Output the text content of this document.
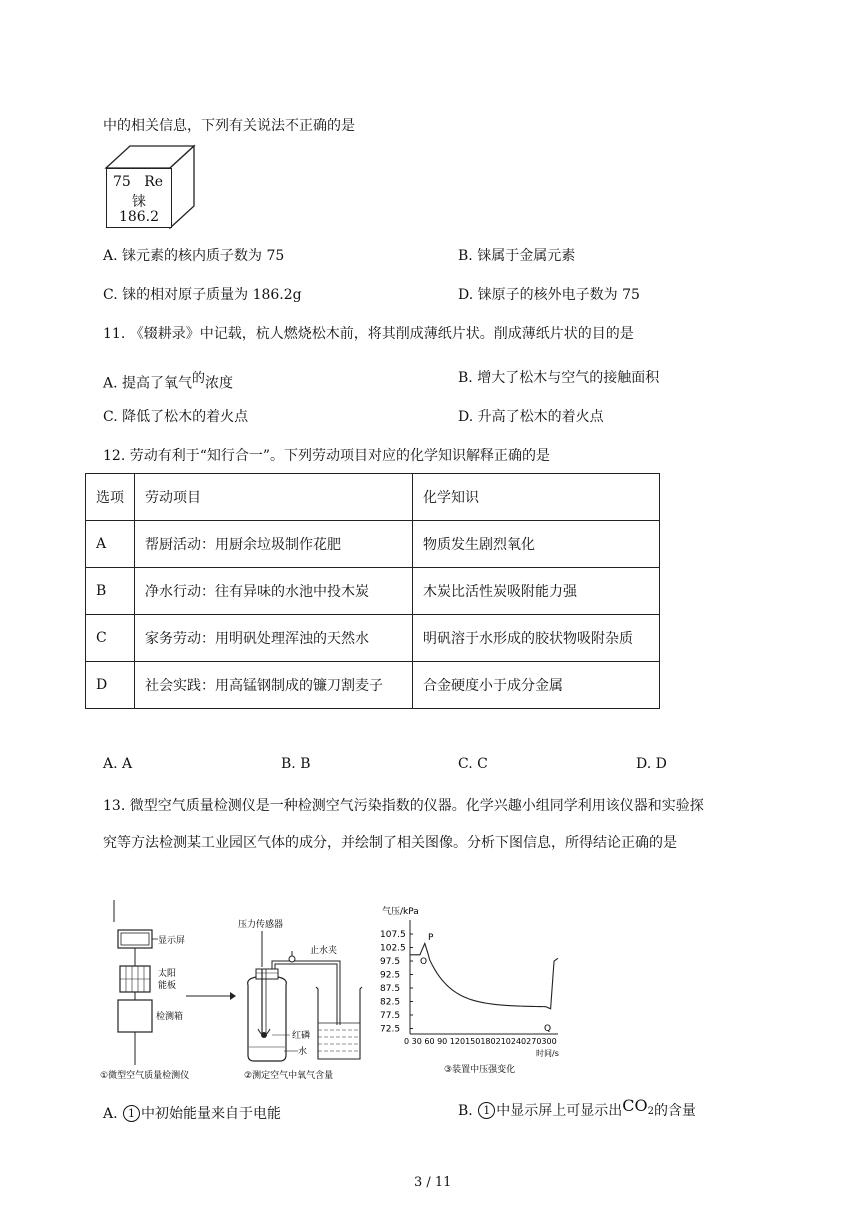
中的相关信息，下列有关说法不正确的是
75 Re
铼
186.2
A. 铼元素的核内质子数为 75	B. 铼属于金属元素
C. 铼的相对原子质量为 186.2g	D. 铼原子的核外电子数为 75
11. 《辍耕录》中记载，杭人燃烧松木前，将其削成薄纸片状。削成薄纸片状的目的是
A. 提高了氧气$^的$浓度	B. 增大了松木与空气的接触面积
C. 降低了松木的着火点	D. 升高了松木的着火点
12. 劳动有利于“知行合一”。下列劳动项目对应的化学知识解释正确的是
选项	劳动项目	化学知识
A	帮厨活动：用厨余垃圾制作花肥	物质发生剧烈氧化
B	净水行动：往有异味的水池中投木炭	木炭比活性炭吸附能力强
C	家务劳动：用明矾处理浑浊的天然水	明矾溶于水形成的胶状物吸附杂质
D	社会实践：用高锰钢制成的镰刀割麦子	合金硬度小于成分金属
A. A	B. B	C. C	D. D
13. 微型空气质量检测仪是一种检测空气污染指数的仪器。化学兴趣小组同学利用该仪器和实验探
究等方法检测某工业园区气体的成分，并绘制了相关图像。分析下图信息，所得结论正确的是
显示屏
太阳
能板
检测箱
①微型空气质量检测仪
压力传感器
止水夹
红磷
水
②测定空气中氧气含量
气压/kPa
107.5
102.5
97.5
92.5
87.5
82.5
77.5
72.5
P
O
Q
0 30 60 90 120150180210240270300
时间/s
③装置中压强变化
A. 1 中初始能量来自于电能	B. 1 中显示屏上可显示出$CO_2$的含量
3 / 11
